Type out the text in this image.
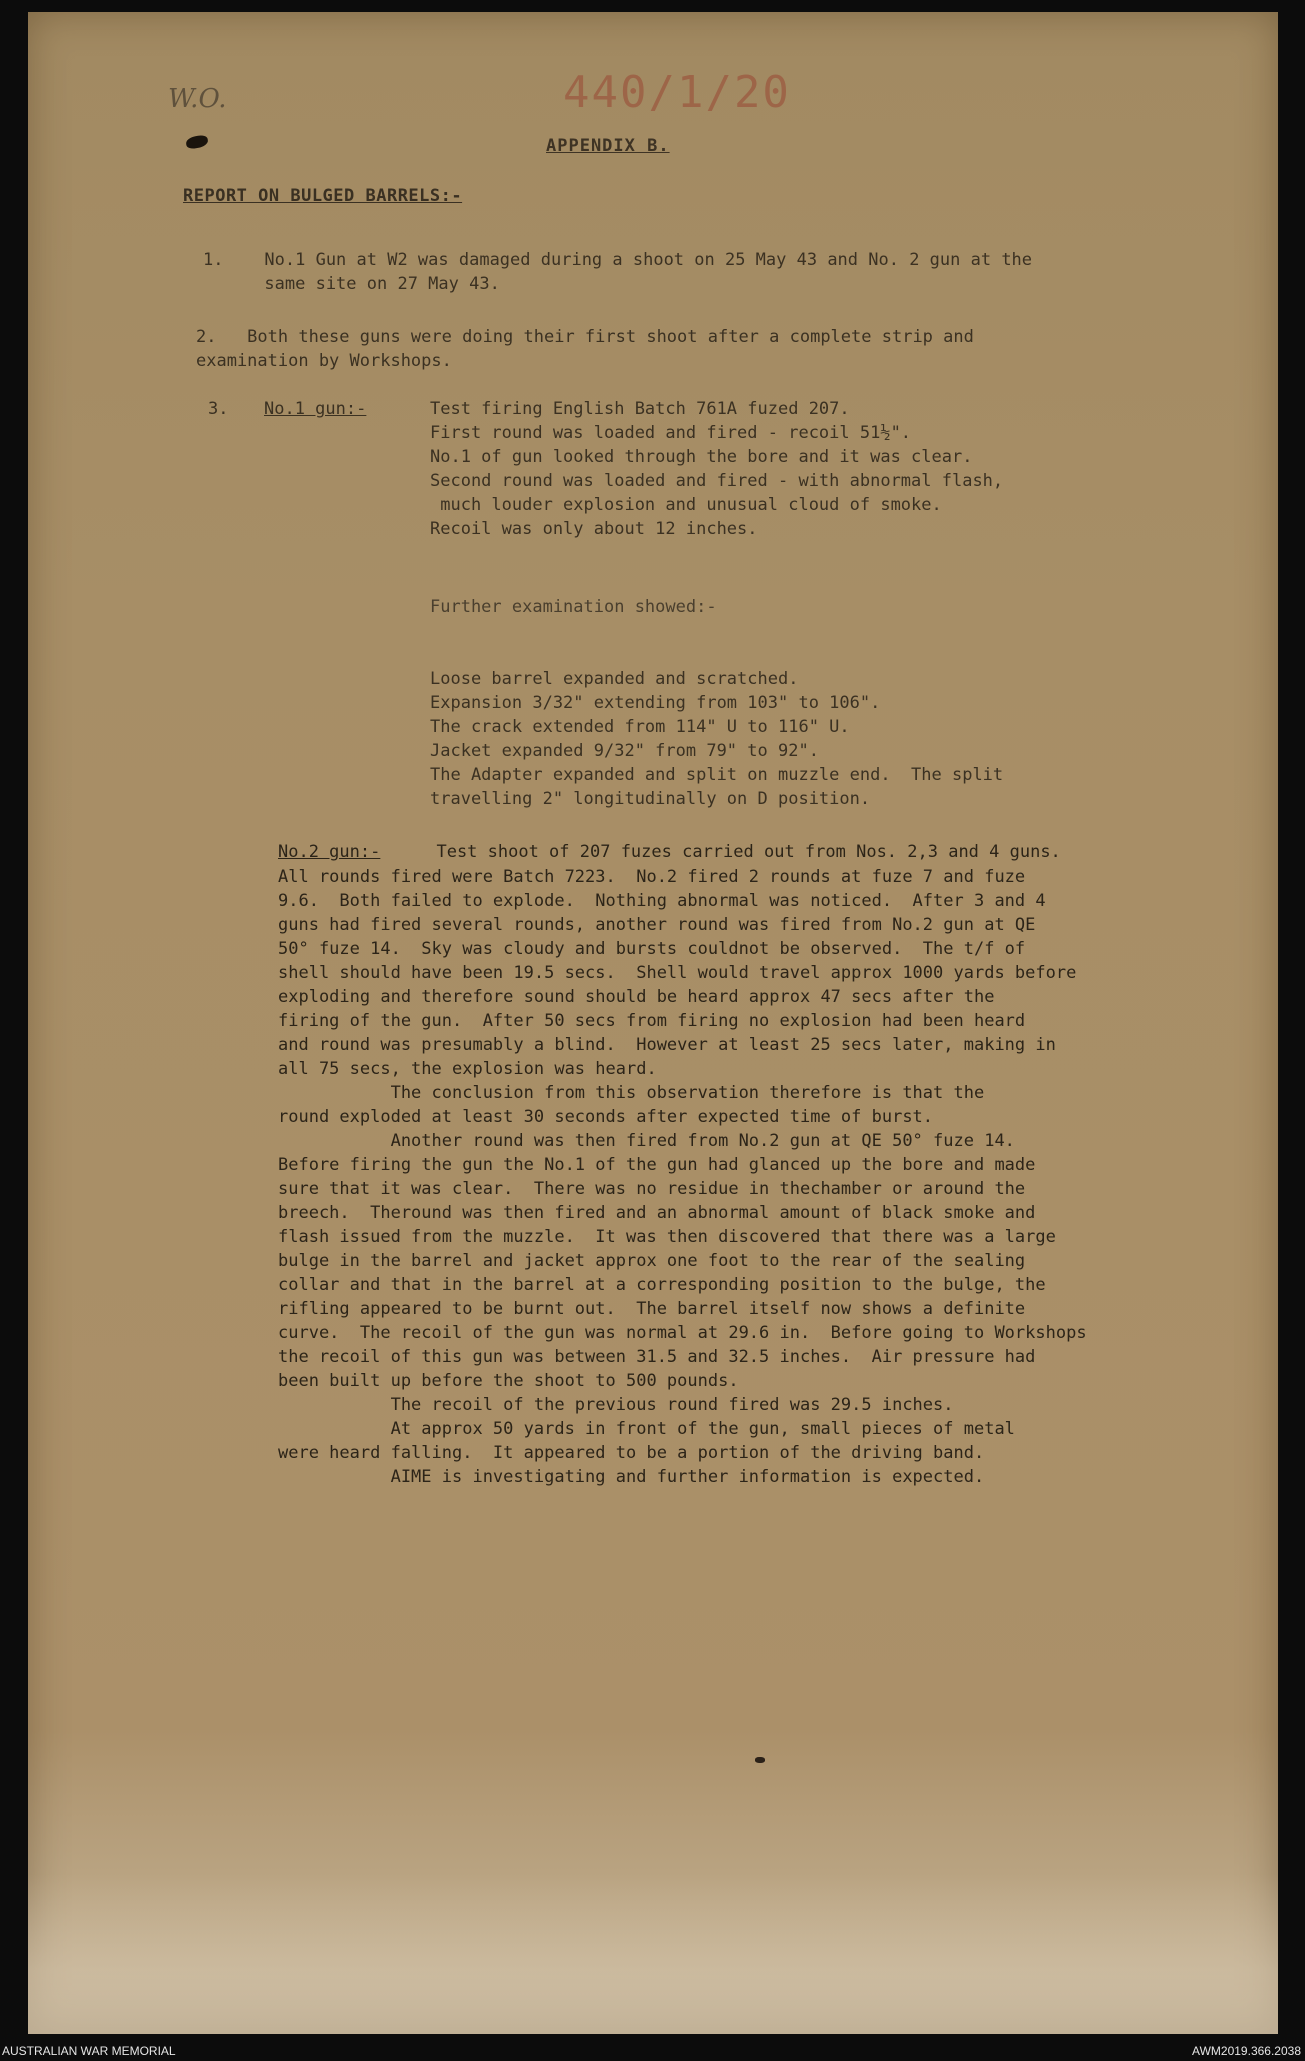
440/1/20
W.O.
APPENDIX B.
REPORT ON BULGED BARRELS:-
1.    No.1 Gun at W2 was damaged during a shoot on 25 May 43 and No. 2 gun at the
same site on 27 May 43.
2.   Both these guns were doing their first shoot after a complete strip and
examination by Workshops.
3. No.1 gun:-	Test firing English Batch 761A fuzed 207.
First round was loaded and fired - recoil 51½".
No.1 of gun looked through the bore and it was clear.
Second round was loaded and fired - with abnormal flash,
much louder explosion and unusual cloud of smoke.
Recoil was only about 12 inches.
Further examination showed:-
Loose barrel expanded and scratched.
Expansion 3/32" extending from 103" to 106".
The crack extended from 114" U to 116" U.
Jacket expanded 9/32" from 79" to 92".
The Adapter expanded and split on muzzle end.  The split
travelling 2" longitudinally on D position.
No.2 gun:- Test shoot of 207 fuzes carried out from Nos. 2,3 and 4 guns.
All rounds fired were Batch 7223.  No.2 fired 2 rounds at fuze 7 and fuze
9.6.  Both failed to explode.  Nothing abnormal was noticed.  After 3 and 4
guns had fired several rounds, another round was fired from No.2 gun at QE
50° fuze 14.  Sky was cloudy and bursts couldnot be observed.  The t/f of
shell should have been 19.5 secs.  Shell would travel approx 1000 yards before
exploding and therefore sound should be heard approx 47 secs after the
firing of the gun.  After 50 secs from firing no explosion had been heard
and round was presumably a blind.  However at least 25 secs later, making in
all 75 secs, the explosion was heard.
The conclusion from this observation therefore is that the
round exploded at least 30 seconds after expected time of burst.
Another round was then fired from No.2 gun at QE 50° fuze 14.
Before firing the gun the No.1 of the gun had glanced up the bore and made
sure that it was clear.  There was no residue in thechamber or around the
breech.  Theround was then fired and an abnormal amount of black smoke and
flash issued from the muzzle.  It was then discovered that there was a large
bulge in the barrel and jacket approx one foot to the rear of the sealing
collar and that in the barrel at a corresponding position to the bulge, the
rifling appeared to be burnt out.  The barrel itself now shows a definite
curve.  The recoil of the gun was normal at 29.6 in.  Before going to Workshops
the recoil of this gun was between 31.5 and 32.5 inches.  Air pressure had
been built up before the shoot to 500 pounds.
The recoil of the previous round fired was 29.5 inches.
At approx 50 yards in front of the gun, small pieces of metal
were heard falling.  It appeared to be a portion of the driving band.
AIME is investigating and further information is expected.
AUSTRALIAN WAR MEMORIAL	AWM2019.366.2038
